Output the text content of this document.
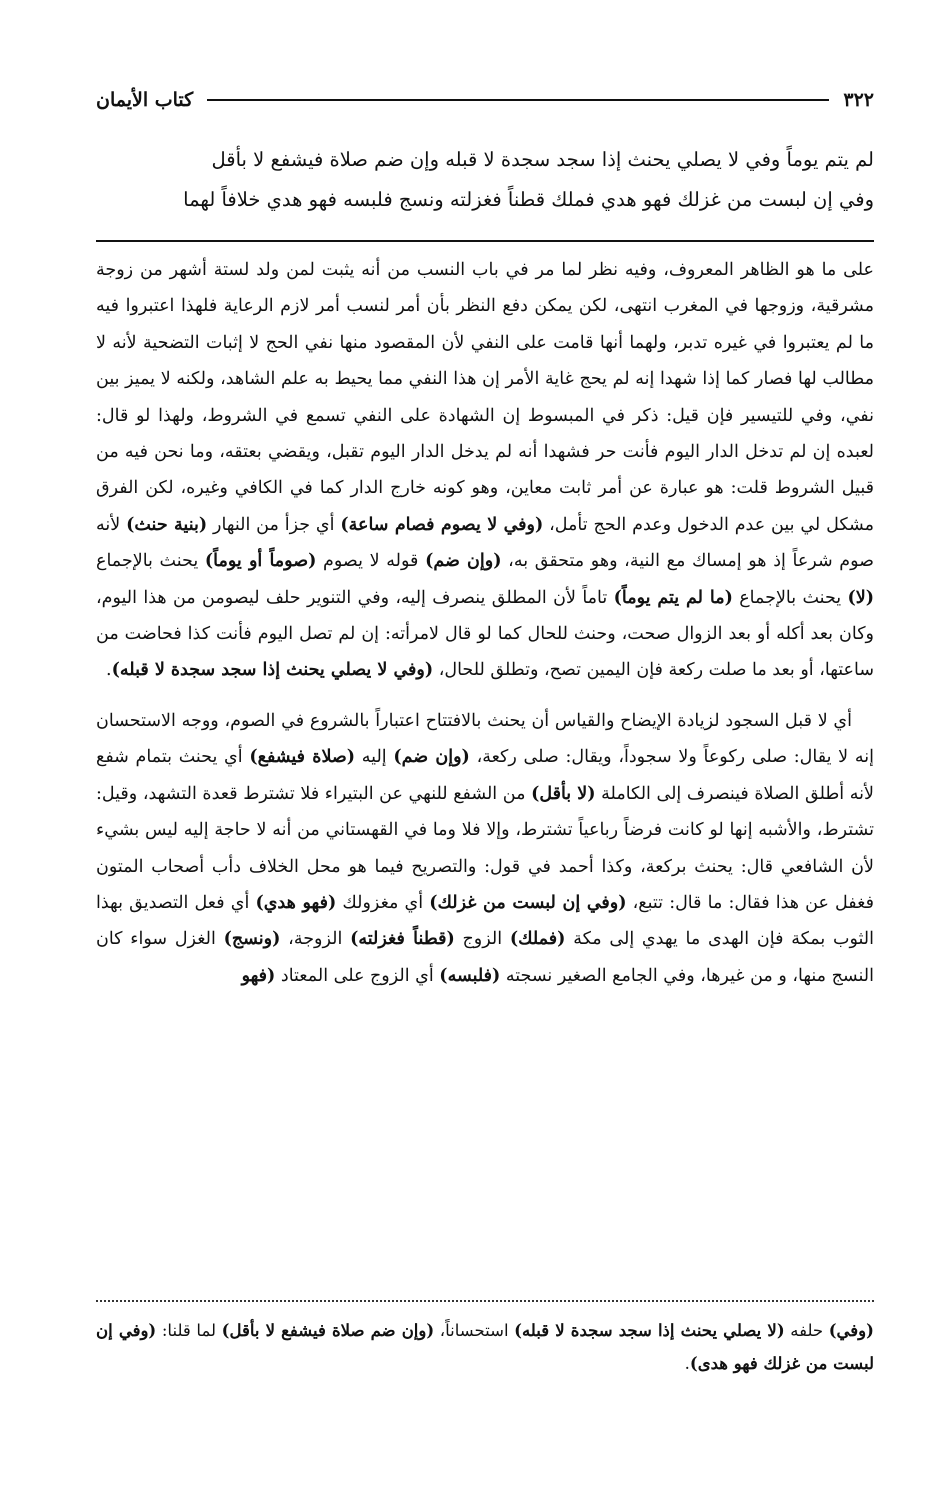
٣٢٢
كتاب الأيمان

لم يتم يوماً وفي لا يصلي يحنث إذا سجد سجدة لا قبله وإن ضم صلاة فيشفع لا بأقل

وفي إن لبست من غزلك فهو هدي فملك قطناً فغزلته ونسج فلبسه فهو هدي خلافاً لهما

على ما هو الظاهر المعروف، وفيه نظر لما مر في باب النسب من أنه يثبت لمن ولد لستة أشهر من زوجة مشرقية، وزوجها في المغرب انتهى، لكن يمكن دفع النظر بأن أمر لنسب أمر لازم الرعاية فلهذا اعتبروا فيه ما لم يعتبروا في غيره تدبر، ولهما أنها قامت على النفي لأن المقصود منها نفي الحج لا إثبات التضحية لأنه لا مطالب لها فصار كما إذا شهدا إنه لم يحج غاية الأمر إن هذا النفي مما يحيط به علم الشاهد، ولكنه لا يميز بين نفي، وفي للتيسير فإن قيل: ذكر في المبسوط إن الشهادة على النفي تسمع في الشروط، ولهذا لو قال: لعبده إن لم تدخل الدار اليوم فأنت حر فشهدا أنه لم يدخل الدار اليوم تقبل، ويقضي بعتقه، وما نحن فيه من قبيل الشروط قلت: هو عبارة عن أمر ثابت معاين، وهو كونه خارج الدار كما في الكافي وغيره، لكن الفرق مشكل لي بين عدم الدخول وعدم الحج تأمل، (وفي لا يصوم فصام ساعة) أي جزأ من النهار (بنية حنث) لأنه صوم شرعاً إذ هو إمساك مع النية، وهو متحقق به، (وإن ضم) قوله لا يصوم (صوماً أو يوماً) يحنث بالإجماع (لا) يحنث بالإجماع (ما لم يتم يوماً) تاماً لأن المطلق ينصرف إليه، وفي التنوير حلف ليصومن من هذا اليوم، وكان بعد أكله أو بعد الزوال صحت، وحنث للحال كما لو قال لامرأته: إن لم تصل اليوم فأنت كذا فحاضت من ساعتها، أو بعد ما صلت ركعة فإن اليمين تصح، وتطلق للحال، (وفي لا يصلي يحنث إذا سجد سجدة لا قبله).

أي لا قبل السجود لزيادة الإيضاح والقياس أن يحنث بالافتتاح اعتباراً بالشروع في الصوم، ووجه الاستحسان إنه لا يقال: صلى ركوعاً ولا سجوداً، ويقال: صلى ركعة، (وإن ضم) إليه (صلاة فيشفع) أي يحنث بتمام شفع لأنه أطلق الصلاة فينصرف إلى الكاملة (لا بأقل) من الشفع للنهي عن البتيراء فلا تشترط قعدة التشهد، وقيل: تشترط، والأشبه إنها لو كانت فرضاً رباعياً تشترط، وإلا فلا وما في القهستاني من أنه لا حاجة إليه ليس بشيء لأن الشافعي قال: يحنث بركعة، وكذا أحمد في قول: والتصريح فيما هو محل الخلاف دأب أصحاب المتون فغفل عن هذا فقال: ما قال: تتبع، (وفي إن لبست من غزلك) أي مغزولك (فهو هدي) أي فعل التصديق بهذا الثوب بمكة فإن الهدى ما يهدي إلى مكة (فملك) الزوج (قطناً فغزلته) الزوجة، (ونسج) الغزل سواء كان النسج منها، و من غيرها، وفي الجامع الصغير نسجته (فلبسه) أي الزوج على المعتاد (فهو

(وفي) حلفه (لا يصلي يحنث إذا سجد سجدة لا قبله) استحساناً، (وإن ضم صلاة فيشفع لا بأقل) لما قلنا: (وفي إن لبست من غزلك فهو هدى).
